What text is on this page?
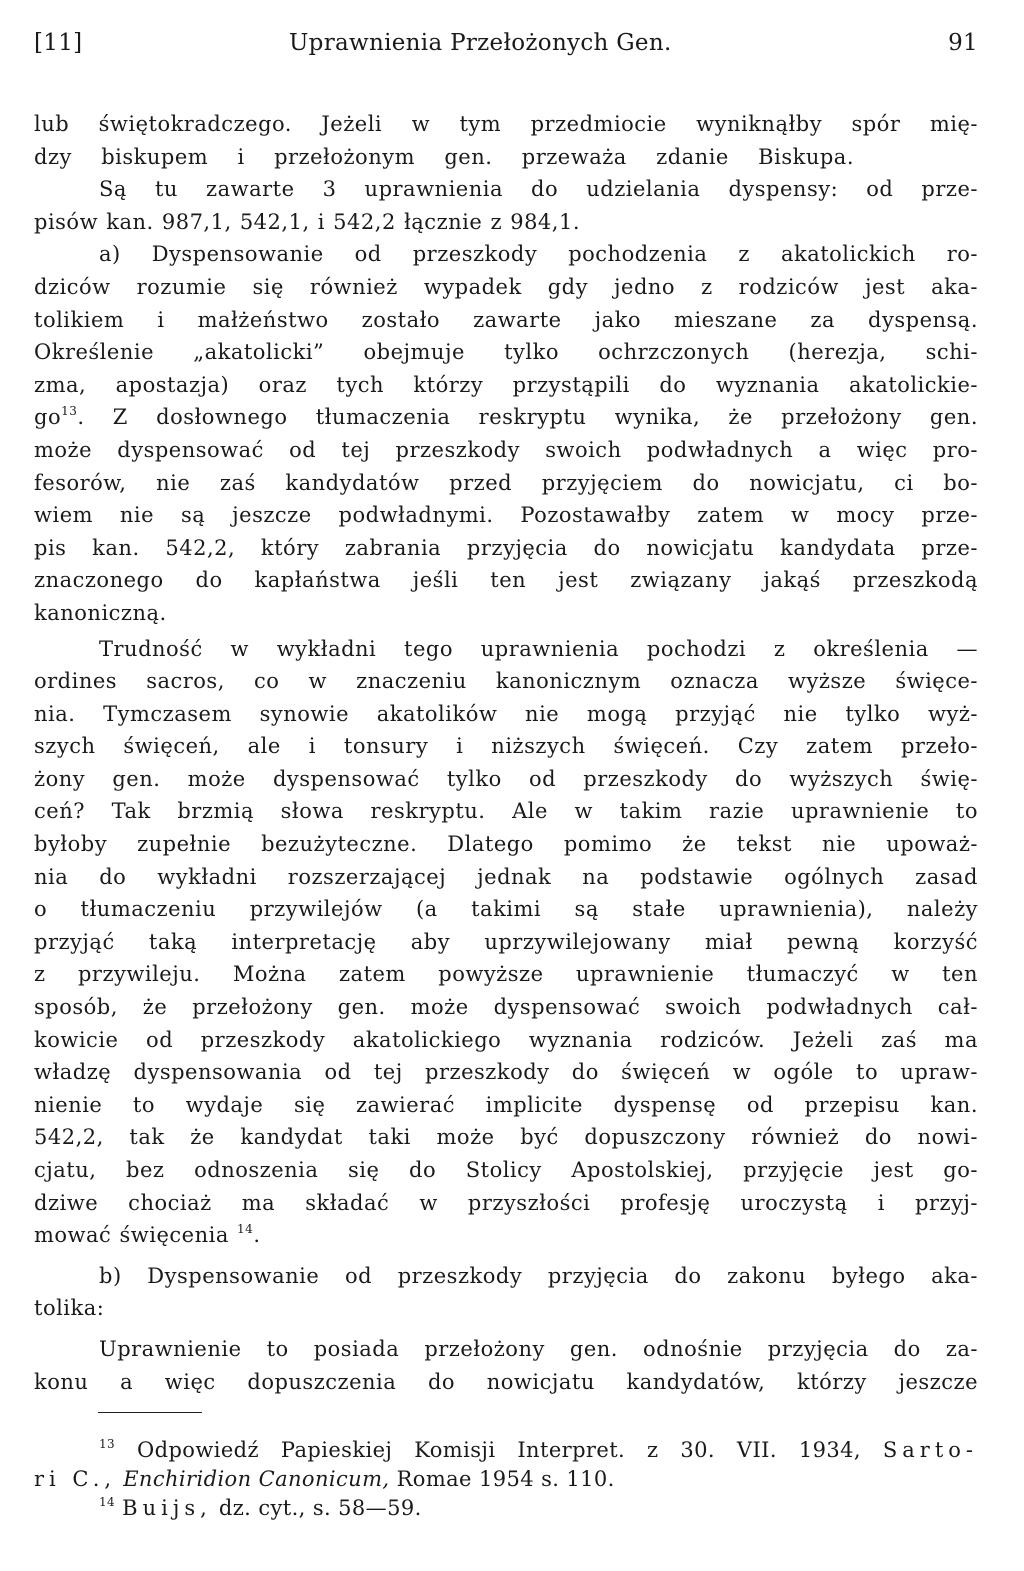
[11]	Uprawnienia Przełożonych Gen.	91
lub świętokradczego. Jeżeli w tym przedmiocie wyniknąłby spór mię-
dzy biskupem i przełożonym gen. przeważa zdanie Biskupa.
Są tu zawarte 3 uprawnienia do udzielania dyspensy: od prze-
pisów kan. 987,1, 542,1, i 542,2 łącznie z 984,1.
a) Dyspensowanie od przeszkody pochodzenia z akatolickich ro-
dziców rozumie się również wypadek gdy jedno z rodziców jest aka-
tolikiem i małżeństwo zostało zawarte jako mieszane za dyspensą.
Określenie „akatolicki” obejmuje tylko ochrzczonych (herezja, schi-
zma, apostazja) oraz tych którzy przystąpili do wyznania akatolickie-
$go^{13}$. Z dosłownego tłumaczenia reskryptu wynika, że przełożony gen.
może dyspensować od tej przeszkody swoich podwładnych a więc pro-
fesorów, nie zaś kandydatów przed przyjęciem do nowicjatu, ci bo-
wiem nie są jeszcze podwładnymi. Pozostawałby zatem w mocy prze-
pis kan. 542,2, który zabrania przyjęcia do nowicjatu kandydata prze-
znaczonego do kapłaństwa jeśli ten jest związany jakąś przeszkodą
kanoniczną.
Trudność w wykładni tego uprawnienia pochodzi z określenia —
ordines sacros, co w znaczeniu kanonicznym oznacza wyższe święce-
nia. Tymczasem synowie akatolików nie mogą przyjąć nie tylko wyż-
szych święceń, ale i tonsury i niższych święceń. Czy zatem przeło-
żony gen. może dyspensować tylko od przeszkody do wyższych świę-
ceń? Tak brzmią słowa reskryptu. Ale w takim razie uprawnienie to
byłoby zupełnie bezużyteczne. Dlatego pomimo że tekst nie upoważ-
nia do wykładni rozszerzającej jednak na podstawie ogólnych zasad
o tłumaczeniu przywilejów (a takimi są stałe uprawnienia), należy
przyjąć taką interpretację aby uprzywilejowany miał pewną korzyść
z przywileju. Można zatem powyższe uprawnienie tłumaczyć w ten
sposób, że przełożony gen. może dyspensować swoich podwładnych cał-
kowicie od przeszkody akatolickiego wyznania rodziców. Jeżeli zaś ma
władzę dyspensowania od tej przeszkody do święceń w ogóle to upraw-
nienie to wydaje się zawierać implicite dyspensę od przepisu kan.
542,2, tak że kandydat taki może być dopuszczony również do nowi-
cjatu, bez odnoszenia się do Stolicy Apostolskiej, przyjęcie jest go-
dziwe chociaż ma składać w przyszłości profesję uroczystą i przyj-
mować święcenia $^{14}$.
b) Dyspensowanie od przeszkody przyjęcia do zakonu byłego aka-
tolika:
Uprawnienie to posiada przełożony gen. odnośnie przyjęcia do za-
konu a więc dopuszczenia do nowicjatu kandydatów, którzy jeszcze
$^{13}$ Odpowiedź Papieskiej Komisji Interpret. z 30. VII. 1934, Sarto-
ri C., Enchiridion Canonicum, Romae 1954 s. 110.
$^{14}$ Buijs, dz. cyt., s. 58—59.
